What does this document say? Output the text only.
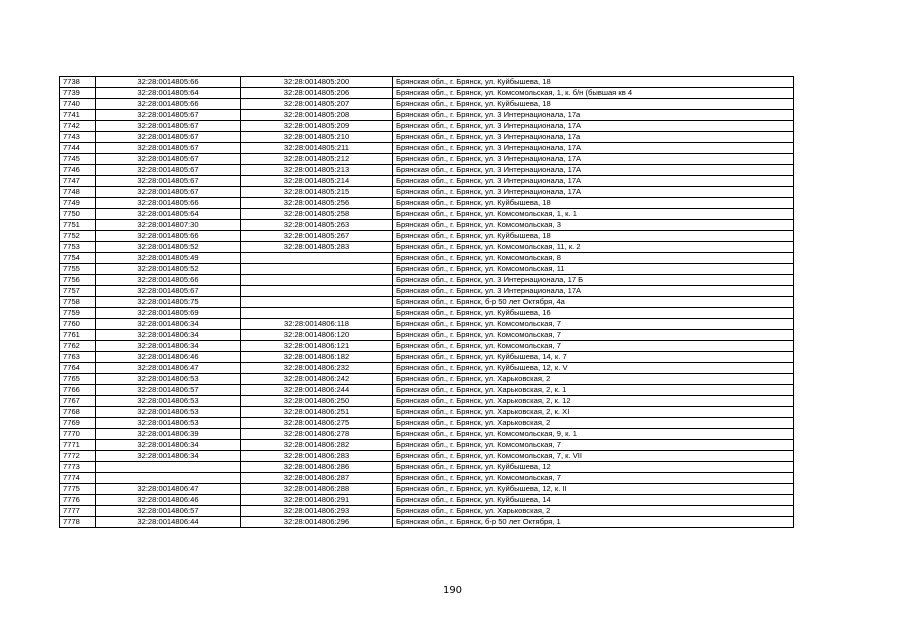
7738	32:28:0014805:66	32:28:0014805:200	Брянская обл., г. Брянск, ул. Куйбышева, 18
7739	32:28:0014805:64	32:28:0014805:206	Брянская обл., г. Брянск, ул. Комсомольская, 1, к. б/н (бывшая кв 4
7740	32:28:0014805:66	32:28:0014805:207	Брянская обл., г. Брянск, ул. Куйбышева, 18
7741	32:28:0014805:67	32:28:0014805:208	Брянская обл., г. Брянск, ул. 3 Интернационала, 17а
7742	32:28:0014805:67	32:28:0014805:209	Брянская обл., г. Брянск, ул. 3 Интернационала, 17А
7743	32:28:0014805:67	32:28:0014805:210	Брянская обл., г. Брянск, ул. 3 Интернационала, 17а
7744	32:28:0014805:67	32:28:0014805:211	Брянская обл., г. Брянск, ул. 3 Интернационала, 17А
7745	32:28:0014805:67	32:28:0014805:212	Брянская обл., г. Брянск, ул. 3 Интернационала, 17А
7746	32:28:0014805:67	32:28:0014805:213	Брянская обл., г. Брянск, ул. 3 Интернационала, 17А
7747	32:28:0014805:67	32:28:0014805:214	Брянская обл., г. Брянск, ул. 3 Интернационала, 17А
7748	32:28:0014805:67	32:28:0014805:215	Брянская обл., г. Брянск, ул. 3 Интернационала, 17А
7749	32:28:0014805:66	32:28:0014805:256	Брянская обл., г. Брянск, ул. Куйбышева, 18
7750	32:28:0014805:64	32:28:0014805:258	Брянская обл., г. Брянск, ул. Комсомольская, 1, к. 1
7751	32:28:0014807:30	32:28:0014805:263	Брянская обл., г. Брянск, ул. Комсомольская, 3
7752	32:28:0014805:66	32:28:0014805:267	Брянская обл., г. Брянск, ул. Куйбышева, 18
7753	32:28:0014805:52	32:28:0014805:283	Брянская обл., г. Брянск, ул. Комсомольская, 11, к. 2
7754	32:28:0014805:49		Брянская обл., г. Брянск, ул. Комсомольская, 8
7755	32:28:0014805:52		Брянская обл., г. Брянск, ул. Комсомольская, 11
7756	32:28:0014805:66		Брянская обл., г. Брянск, ул. 3 Интернационала, 17 Б
7757	32:28:0014805:67		Брянская обл., г. Брянск, ул. 3 Интернационала, 17А
7758	32:28:0014805:75		Брянская обл., г. Брянск, б-р 50 лет Октября, 4а
7759	32:28:0014805:69		Брянская обл., г. Брянск, ул. Куйбышева, 16
7760	32:28:0014806:34	32:28:0014806:118	Брянская обл., г. Брянск, ул. Комсомольская, 7
7761	32:28:0014806:34	32:28:0014806:120	Брянская обл., г. Брянск, ул. Комсомольская, 7
7762	32:28:0014806:34	32:28:0014806:121	Брянская обл., г. Брянск, ул. Комсомольская, 7
7763	32:28:0014806:46	32:28:0014806:182	Брянская обл., г. Брянск, ул. Куйбышева, 14, к. 7
7764	32:28:0014806:47	32:28:0014806:232	Брянская обл., г. Брянск, ул. Куйбышева, 12, к. V
7765	32:28:0014806:53	32:28:0014806:242	Брянская обл., г. Брянск, ул. Харьковская, 2
7766	32:28:0014806:57	32:28:0014806:244	Брянская обл., г. Брянск, ул. Харьковская, 2, к. 1
7767	32:28:0014806:53	32:28:0014806:250	Брянская обл., г. Брянск, ул. Харьковская, 2, к. 12
7768	32:28:0014806:53	32:28:0014806:251	Брянская обл., г. Брянск, ул. Харьковская, 2, к. XI
7769	32:28:0014806:53	32:28:0014806:275	Брянская обл., г. Брянск, ул. Харьковская, 2
7770	32:28:0014806:39	32:28:0014806:278	Брянская обл., г. Брянск, ул. Комсомольская, 9, к. 1
7771	32:28:0014806:34	32:28:0014806:282	Брянская обл., г. Брянск, ул. Комсомольская, 7
7772	32:28:0014806:34	32:28:0014806:283	Брянская обл., г. Брянск, ул. Комсомольская, 7, к. VII
7773		32:28:0014806:286	Брянская обл., г. Брянск, ул. Куйбышева, 12
7774		32:28:0014806:287	Брянская обл., г. Брянск, ул. Комсомольская, 7
7775	32:28:0014806:47	32:28:0014806:288	Брянская обл., г. Брянск, ул. Куйбышева, 12, к. II
7776	32:28:0014806:46	32:28:0014806:291	Брянская обл., г. Брянск, ул. Куйбышева, 14
7777	32:28:0014806:57	32:28:0014806:293	Брянская обл., г. Брянск, ул. Харьковская, 2
7778	32:28:0014806:44	32:28:0014806:296	Брянская обл., г. Брянск, б-р 50 лет Октября, 1
190
